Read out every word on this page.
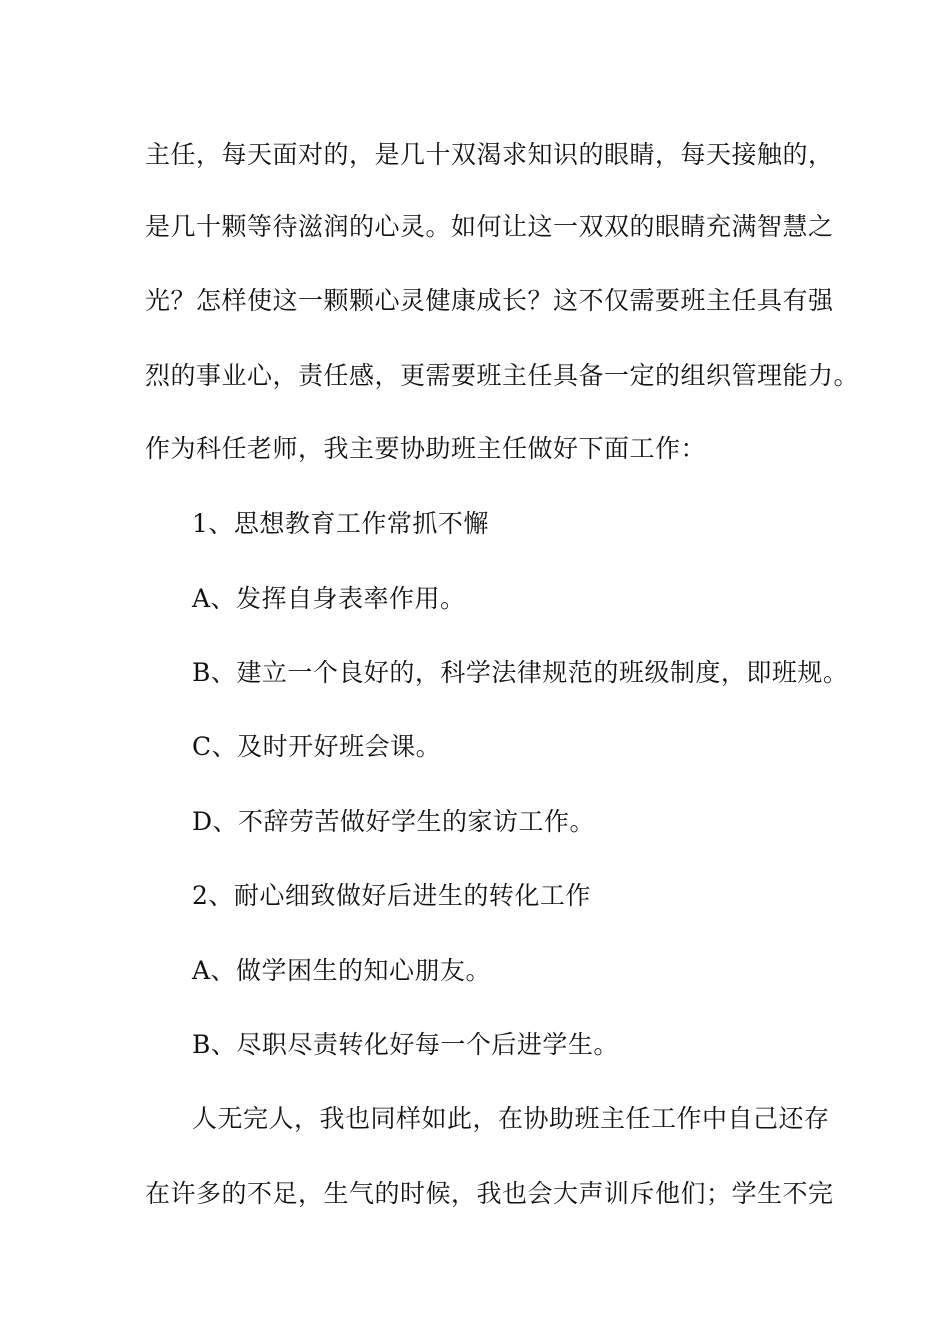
主任，每天面对的，是几十双渴求知识的眼睛，每天接触的，
是几十颗等待滋润的心灵。如何让这一双双的眼睛充满智慧之
光？怎样使这一颗颗心灵健康成长？这不仅需要班主任具有强
烈的事业心，责任感，更需要班主任具备一定的组织管理能力。
作为科任老师，我主要协助班主任做好下面工作：
1、思想教育工作常抓不懈
A、发挥自身表率作用。
B、建立一个良好的，科学法律规范的班级制度，即班规。
C、及时开好班会课。
D、不辞劳苦做好学生的家访工作。
2、耐心细致做好后进生的转化工作
A、做学困生的知心朋友。
B、尽职尽责转化好每一个后进学生。
人无完人，我也同样如此，在协助班主任工作中自己还存
在许多的不足，生气的时候，我也会大声训斥他们；学生不完
